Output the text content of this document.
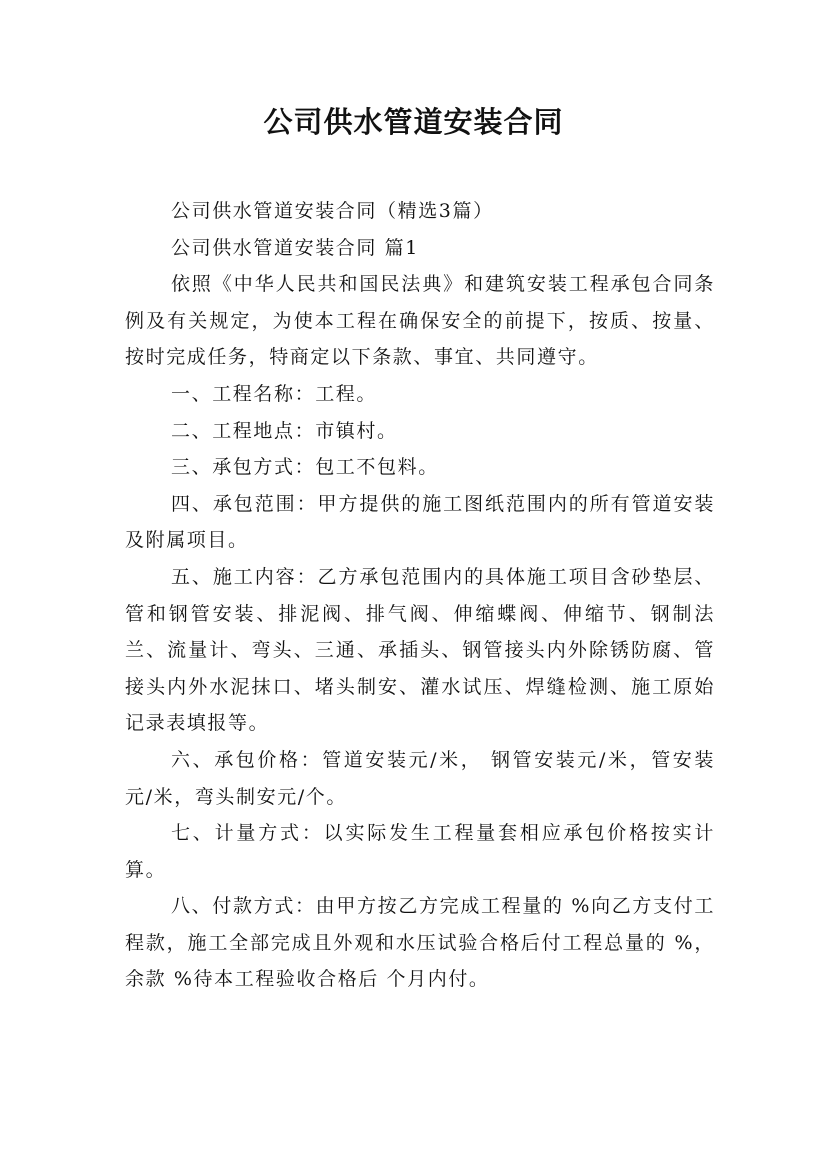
公司供水管道安装合同

公司供水管道安装合同（精选3篇）

公司供水管道安装合同 篇1

依照《中华人民共和国民法典》和建筑安装工程承包合同条例及有关规定，为使本工程在确保安全的前提下，按质、按量、按时完成任务，特商定以下条款、事宜、共同遵守。

一、工程名称：工程。

二、工程地点：市镇村。

三、承包方式：包工不包料。

四、承包范围：甲方提供的施工图纸范围内的所有管道安装及附属项目。

五、施工内容：乙方承包范围内的具体施工项目含砂垫层、管和钢管安装、排泥阀、排气阀、伸缩蝶阀、伸缩节、钢制法兰、流量计、弯头、三通、承插头、钢管接头内外除锈防腐、管接头内外水泥抹口、堵头制安、灌水试压、焊缝检测、施工原始记录表填报等。

六、承包价格：管道安装元/米， 钢管安装元/米，管安装元/米，弯头制安元/个。

七、计量方式：以实际发生工程量套相应承包价格按实计算。

八、付款方式：由甲方按乙方完成工程量的 %向乙方支付工程款，施工全部完成且外观和水压试验合格后付工程总量的 %，余款 %待本工程验收合格后 个月内付。
